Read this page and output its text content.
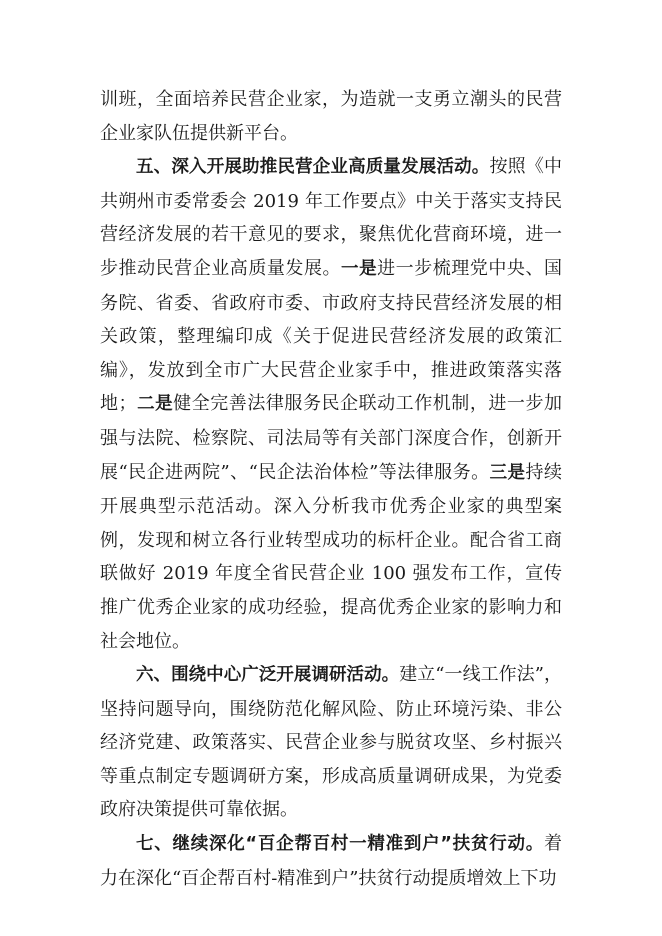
训班，全面培养民营企业家，为造就一支勇立潮头的民营企业家队伍提供新平台。

五、深入开展助推民营企业高质量发展活动。按照《中共朔州市委常委会 2019 年工作要点》中关于落实支持民营经济发展的若干意见的要求，聚焦优化营商环境，进一步推动民营企业高质量发展。一是进一步梳理党中央、国务院、省委、省政府市委、市政府支持民营经济发展的相关政策，整理编印成《关于促进民营经济发展的政策汇编》，发放到全市广大民营企业家手中，推进政策落实落地；二是健全完善法律服务民企联动工作机制，进一步加强与法院、检察院、司法局等有关部门深度合作，创新开展“民企进两院”、“民企法治体检”等法律服务。三是持续开展典型示范活动。深入分析我市优秀企业家的典型案例，发现和树立各行业转型成功的标杆企业。配合省工商联做好 2019 年度全省民营企业 100 强发布工作，宣传推广优秀企业家的成功经验，提高优秀企业家的影响力和社会地位。

六、围绕中心广泛开展调研活动。建立“一线工作法”，坚持问题导向，围绕防范化解风险、防止环境污染、非公经济党建、政策落实、民营企业参与脱贫攻坚、乡村振兴等重点制定专题调研方案，形成高质量调研成果，为党委政府决策提供可靠依据。

七、继续深化“百企帮百村一精准到户”扶贫行动。着力在深化“百企帮百村-精准到户”扶贫行动提质增效上下功
